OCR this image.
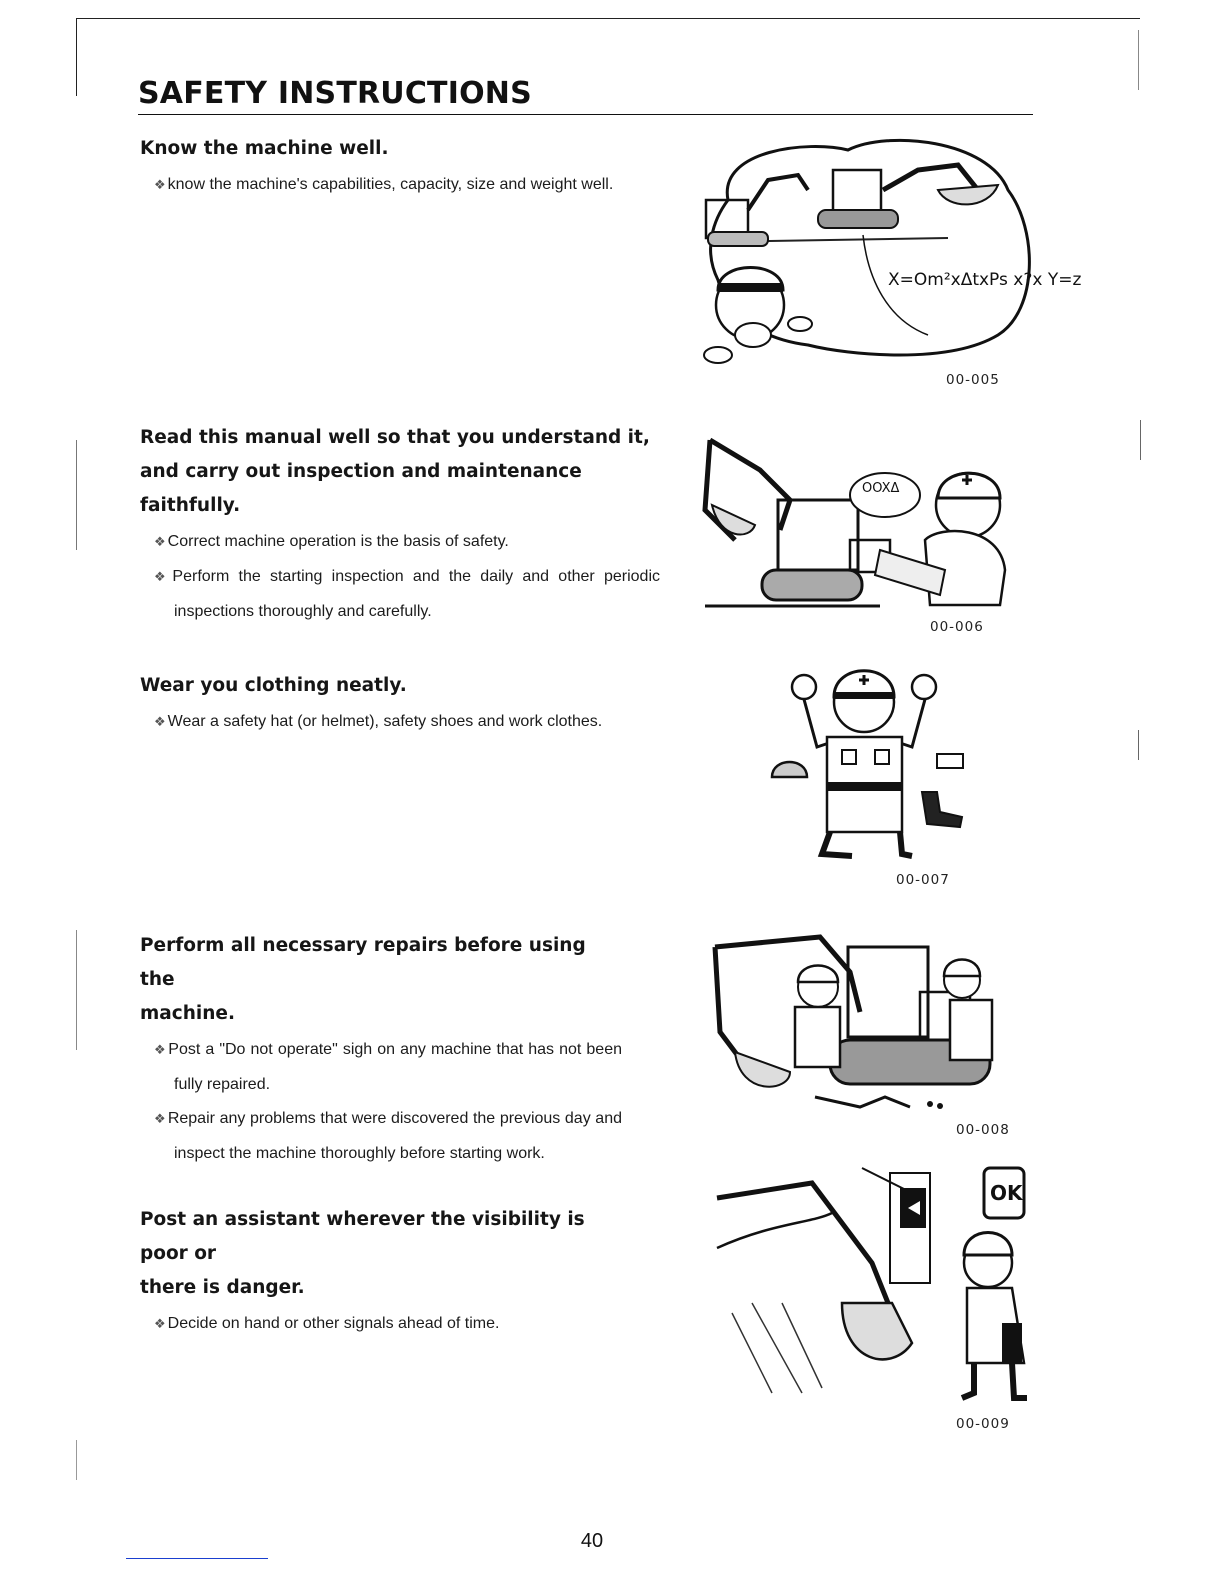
SAFETY INSTRUCTIONS

Know the machine well.

❖ know the machine's capabilities, capacity, size and weight well.

Read this manual well so that you understand it,
and carry out inspection and maintenance faithfully.

❖ Correct machine operation is the basis of safety.
❖ Perform the starting inspection and the daily and other periodic inspections thoroughly and carefully.

Wear you clothing neatly.

❖ Wear a safety hat (or helmet), safety shoes and work clothes.

Perform all necessary repairs before using the
machine.

❖ Post a "Do not operate" sigh on any machine that has not been fully repaired.
❖ Repair any problems that were discovered the previous day and inspect the machine thoroughly before starting work.

Post an assistant wherever the visibility is poor or
there is danger.

❖ Decide on hand or other signals ahead of time.
X=Om²xΔtxPs x?x Y=z
00-005
OOXΔ
00-006
00-007
00-008
OK
00-009
40
